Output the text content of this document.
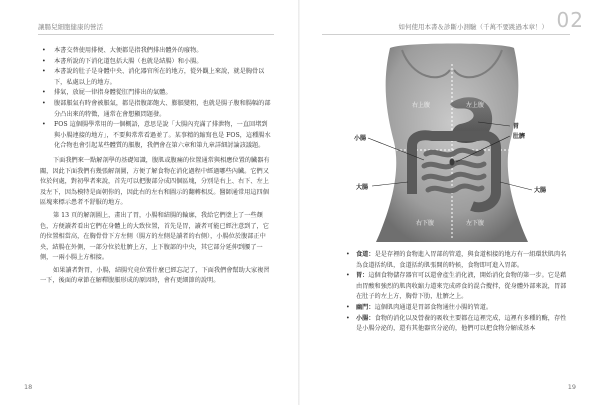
讓腸兒細胞健康的營活
• 本書交替使用排便、大便都是指我們排出體外的廢物。
• 本書所說的下消化道包括大腸（也就是結腸）和小腸。
• 本書說的肚子是身體中央、消化器官所在的地方，從外觀上來說，就是胸骨以下，私處以上的地方。
• 排氣，放屁一律指身體從肛門排出的氣體。
• 腹部脹氣有時會被脹氣，都是指腹部飽大、膨脹變粗，也就是腸子腹和腸幅的部分凸出來的特徵，通常在會想顯問題發。
• FOS 這個腸學常用的一個概語，意思是說「大腸內充滿了排泄物，一直回堵到與小腸連接的地方」，不要與常常看過並了。某事精的縮寫也是 FOS，這種腸水化合物也會引起某些體質的脹腹，我們會在第六章和第九章詳細討論該議題。

下面我們來一點解剖學的基礎知識，腹肌或腹痛的位置通常與相應位置的臟器有關，因此下面我們有幾張解剖圖，方便了解食物在消化過程中經過哪些內臟。它們又位於何處，對初學者來說，首先可以把腹部分成四個區塊，分別是右上、右下、左上及左下，因為模特是面朝你的，因此右的左右和圖示的翻轉相反。醫師通常用這四個區塊來標示患者不舒服的地方。

第 13 頁的解剖圖上，畫出了胃，小腸和結腸的輪廓，我給它們塗上了一些顏色，方便讀者看出它們在身體上的大致位置，首先是胃，讀者可能已經注意到了，它的位置相當高，在胸骨骨下方左側（腸方的左側是讀者的右側），小腸位於腹部正中央，結腸在外側，一部分位於肚臍上方，上下腹部的中央，其它部分延伸到腰了一側，一兩小腸上方相接。

如果讀者對胃，小腸，結腸究竟位置什麼已經忘記了，下面我們會幫助大家複習一下，後面的章節在解釋腹脹形成的原因時，會有更細節的說明。

18
如何使用本書＆診斷小測驗（千萬不要跳過本章！） 02
右上腹	左上腹
右下腹	左下腹
小腸
胃
肚臍
大腸	大腸
• 食道：是是存裡的食物進入胃部的管道，與食道相接的地方有一組環狀肌肉名為食道括約肌，食道括約肌張開的時候，食物即可進入胃部。
• 胃：這個食物儲存器官可以還會產生消化液，開始消化食物的第一步。它是藉由胃酸和強烈的肌肉收縮力道來完成碎食的混合攪拌，從身體外部來說，胃部在肚子的左上方，胸骨下肋，肚臍之上。
• 幽門：這個肌肉通道是胃部食物通往小腸的管道。
• 小腸：食物的消化以及營養的吸收主要都在這裡完成，這裡有多種的酶，存性是小腸分泌的，還有其他器官分泌的，他們可以把食物分解成基本
19
